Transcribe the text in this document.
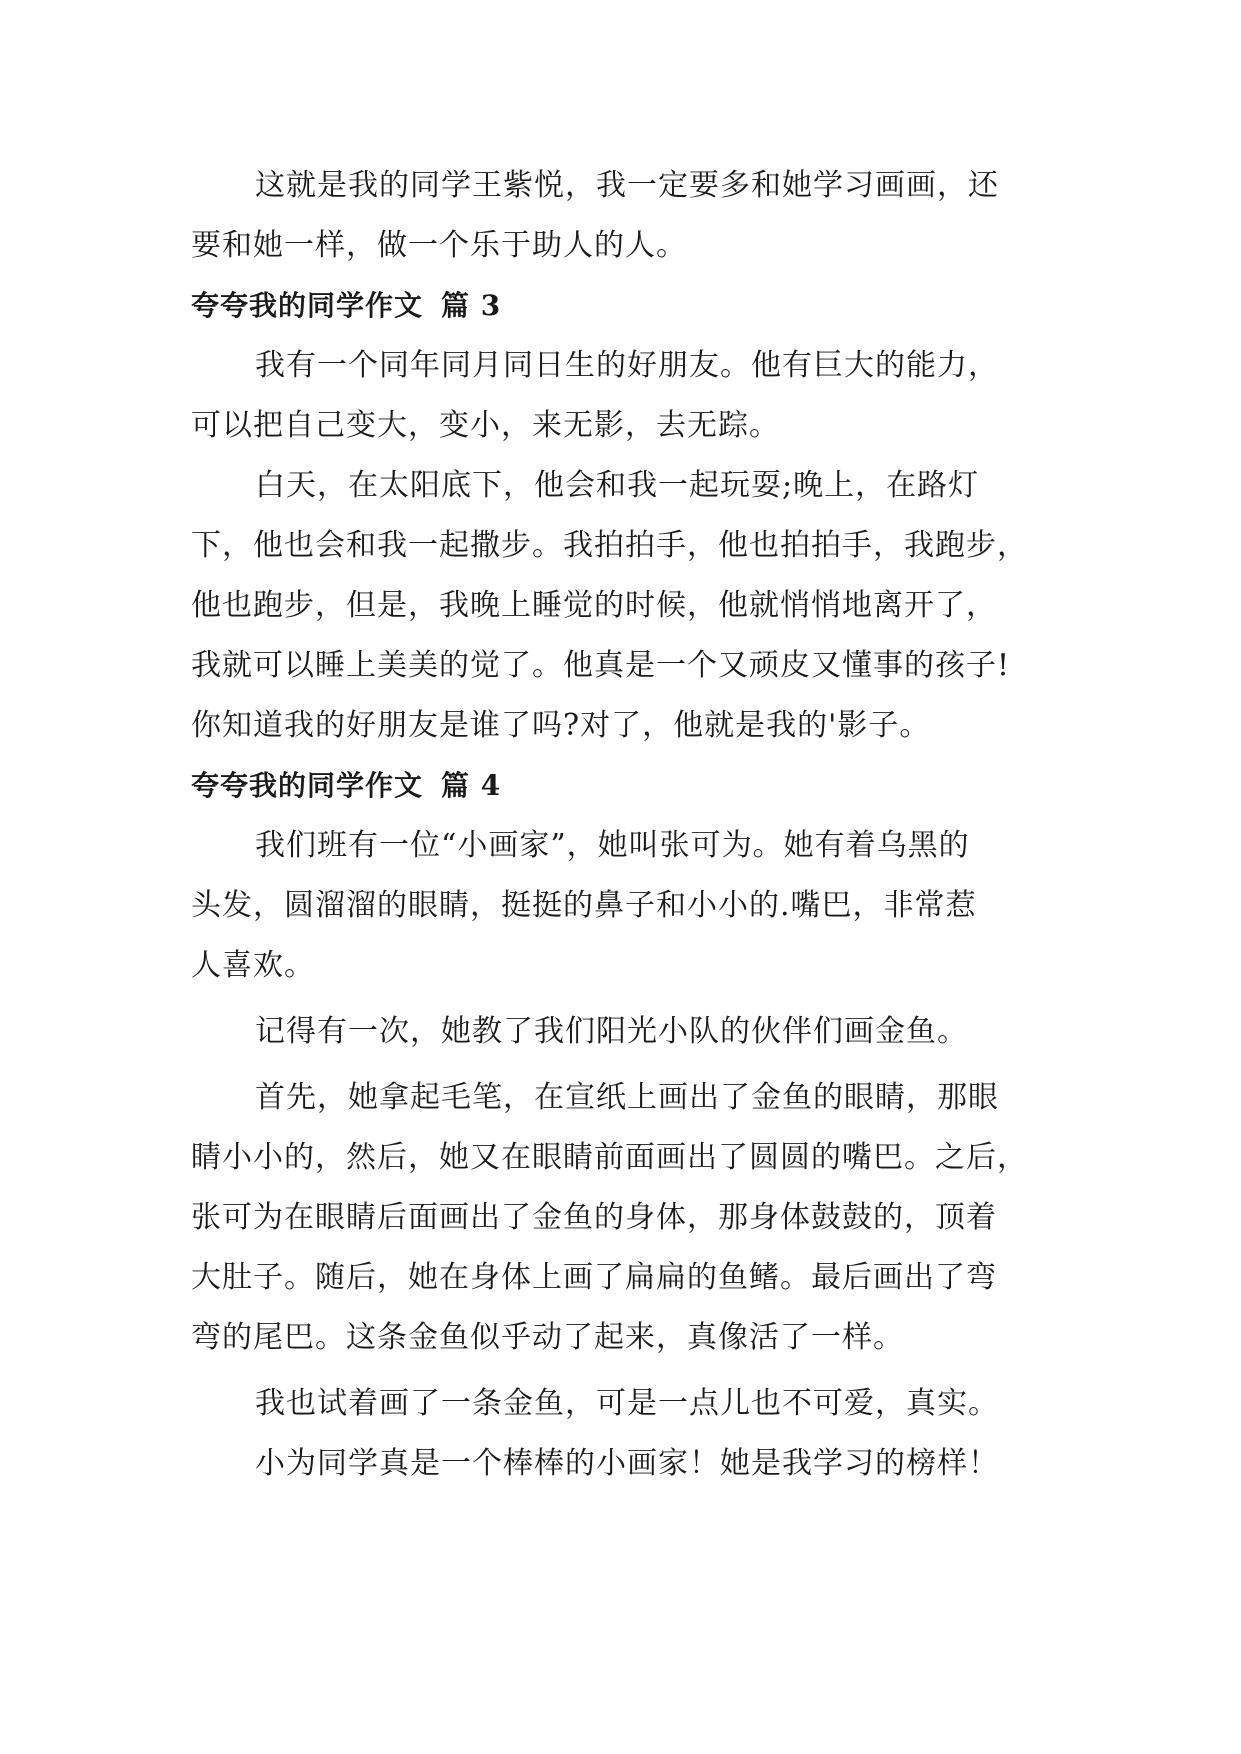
这就是我的同学王紫悦，我一定要多和她学习画画，还
要和她一样，做一个乐于助人的人。

夸夸我的同学作文 篇 3

我有一个同年同月同日生的好朋友。他有巨大的能力，
可以把自己变大，变小，来无影，去无踪。

白天，在太阳底下，他会和我一起玩耍;晚上，在路灯
下，他也会和我一起撒步。我拍拍手，他也拍拍手，我跑步，
他也跑步，但是，我晚上睡觉的时候，他就悄悄地离开了，
我就可以睡上美美的觉了。他真是一个又顽皮又懂事的孩子!
你知道我的好朋友是谁了吗?对了，他就是我的'影子。

夸夸我的同学作文 篇 4

我们班有一位“小画家”，她叫张可为。她有着乌黑的
头发，圆溜溜的眼睛，挺挺的鼻子和小小的.嘴巴，非常惹
人喜欢。

记得有一次，她教了我们阳光小队的伙伴们画金鱼。

首先，她拿起毛笔，在宣纸上画出了金鱼的眼睛，那眼
睛小小的，然后，她又在眼睛前面画出了圆圆的嘴巴。之后，
张可为在眼睛后面画出了金鱼的身体，那身体鼓鼓的，顶着
大肚子。随后，她在身体上画了扁扁的鱼鳍。最后画出了弯
弯的尾巴。这条金鱼似乎动了起来，真像活了一样。

我也试着画了一条金鱼，可是一点儿也不可爱，真实。

小为同学真是一个棒棒的小画家！她是我学习的榜样！
